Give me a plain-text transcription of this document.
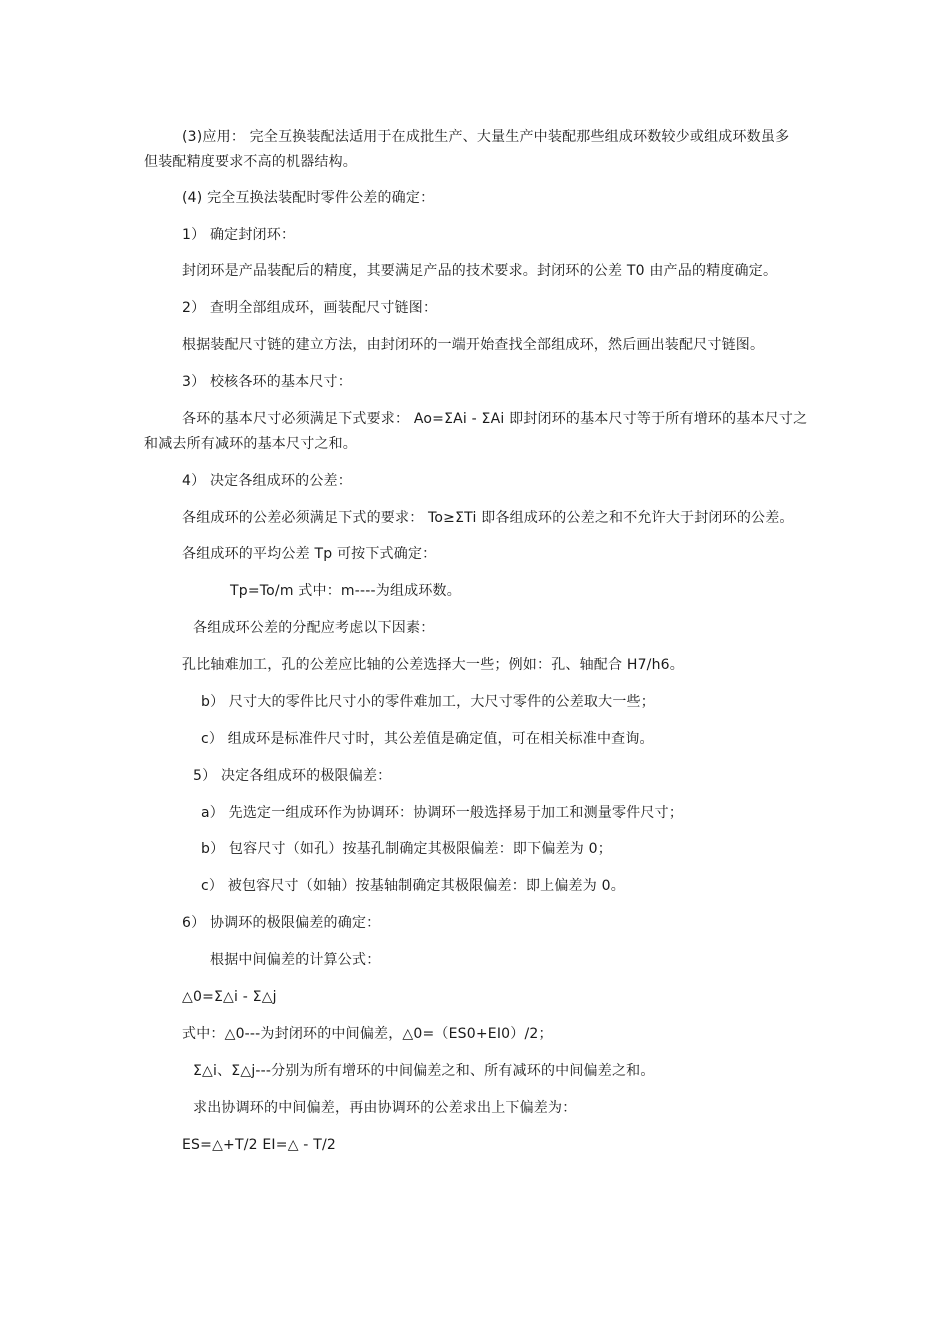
(3)应用： 完全互换装配法适用于在成批生产、大量生产中装配那些组成环数较少或组成环数虽多
但装配精度要求不高的机器结构。
(4) 完全互换法装配时零件公差的确定：
1） 确定封闭环：
封闭环是产品装配后的精度，其要满足产品的技术要求。封闭环的公差 T0 由产品的精度确定。
2） 查明全部组成环，画装配尺寸链图：
根据装配尺寸链的建立方法，由封闭环的一端开始查找全部组成环，然后画出装配尺寸链图。
3） 校核各环的基本尺寸：
各环的基本尺寸必须满足下式要求： Ao=ΣAi - ΣAi 即封闭环的基本尺寸等于所有增环的基本尺寸之
和减去所有减环的基本尺寸之和。
4） 决定各组成环的公差：
各组成环的公差必须满足下式的要求： To≥ΣTi 即各组成环的公差之和不允许大于封闭环的公差。
各组成环的平均公差 Tp 可按下式确定：
Tp=To/m 式中：m----为组成环数。
各组成环公差的分配应考虑以下因素：
孔比轴难加工，孔的公差应比轴的公差选择大一些；例如：孔、轴配合 H7/h6。
b） 尺寸大的零件比尺寸小的零件难加工，大尺寸零件的公差取大一些；
c） 组成环是标准件尺寸时，其公差值是确定值，可在相关标准中查询。
5） 决定各组成环的极限偏差：
a） 先选定一组成环作为协调环：协调环一般选择易于加工和测量零件尺寸；
b） 包容尺寸（如孔）按基孔制确定其极限偏差：即下偏差为 0；
c） 被包容尺寸（如轴）按基轴制确定其极限偏差：即上偏差为 0。
6） 协调环的极限偏差的确定：
根据中间偏差的计算公式：
△0=Σ△i - Σ△j
式中：△0---为封闭环的中间偏差，△0=（ES0+EI0）/2；
Σ△i、Σ△j---分别为所有增环的中间偏差之和、所有减环的中间偏差之和。
求出协调环的中间偏差，再由协调环的公差求出上下偏差为：
ES=△+T/2 EI=△ - T/2
